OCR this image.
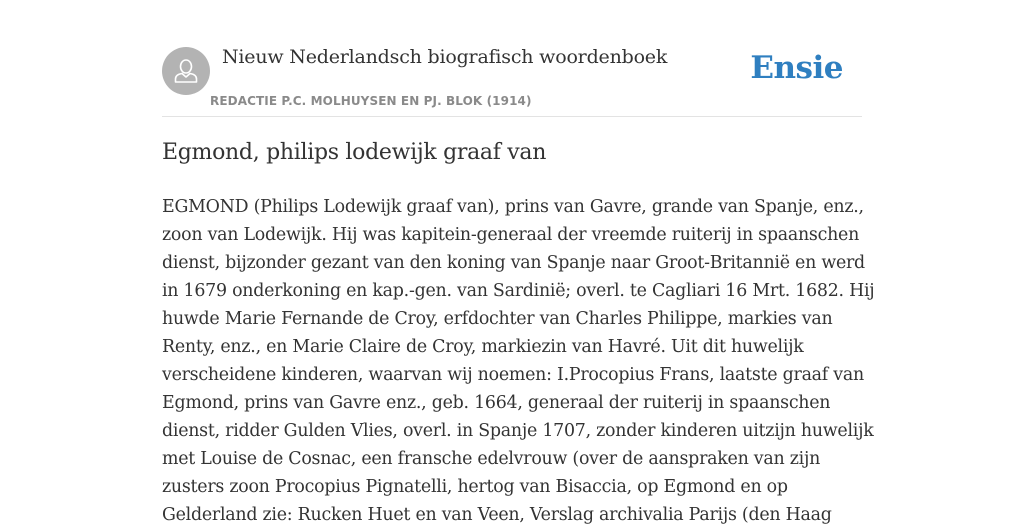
Nieuw Nederlandsch biografisch woordenboek
REDACTIE P.C. MOLHUYSEN EN PJ. BLOK (1914)
Ensie
Egmond, philips lodewijk graaf van

EGMOND (Philips Lodewijk graaf van), prins van Gavre, grande van Spanje, enz.,
zoon van Lodewijk. Hij was kapitein-generaal der vreemde ruiterij in spaanschen
dienst, bijzonder gezant van den koning van Spanje naar Groot-Britannië en werd
in 1679 onderkoning en kap.-gen. van Sardinië; overl. te Cagliari 16 Mrt. 1682. Hij
huwde Marie Fernande de Croy, erfdochter van Charles Philippe, markies van
Renty, enz., en Marie Claire de Croy, markiezin van Havré. Uit dit huwelijk
verscheidene kinderen, waarvan wij noemen: I.Procopius Frans, laatste graaf van
Egmond, prins van Gavre enz., geb. 1664, generaal der ruiterij in spaanschen
dienst, ridder Gulden Vlies, overl. in Spanje 1707, zonder kinderen uitzijn huwelijk
met Louise de Cosnac, een fransche edelvrouw (over de aanspraken van zijn
zusters zoon Procopius Pignatelli, hertog van Bisaccia, op Egmond en op
Gelderland zie: Rucken Huet en van Veen, Verslag archivalia Parijs (den Haag
